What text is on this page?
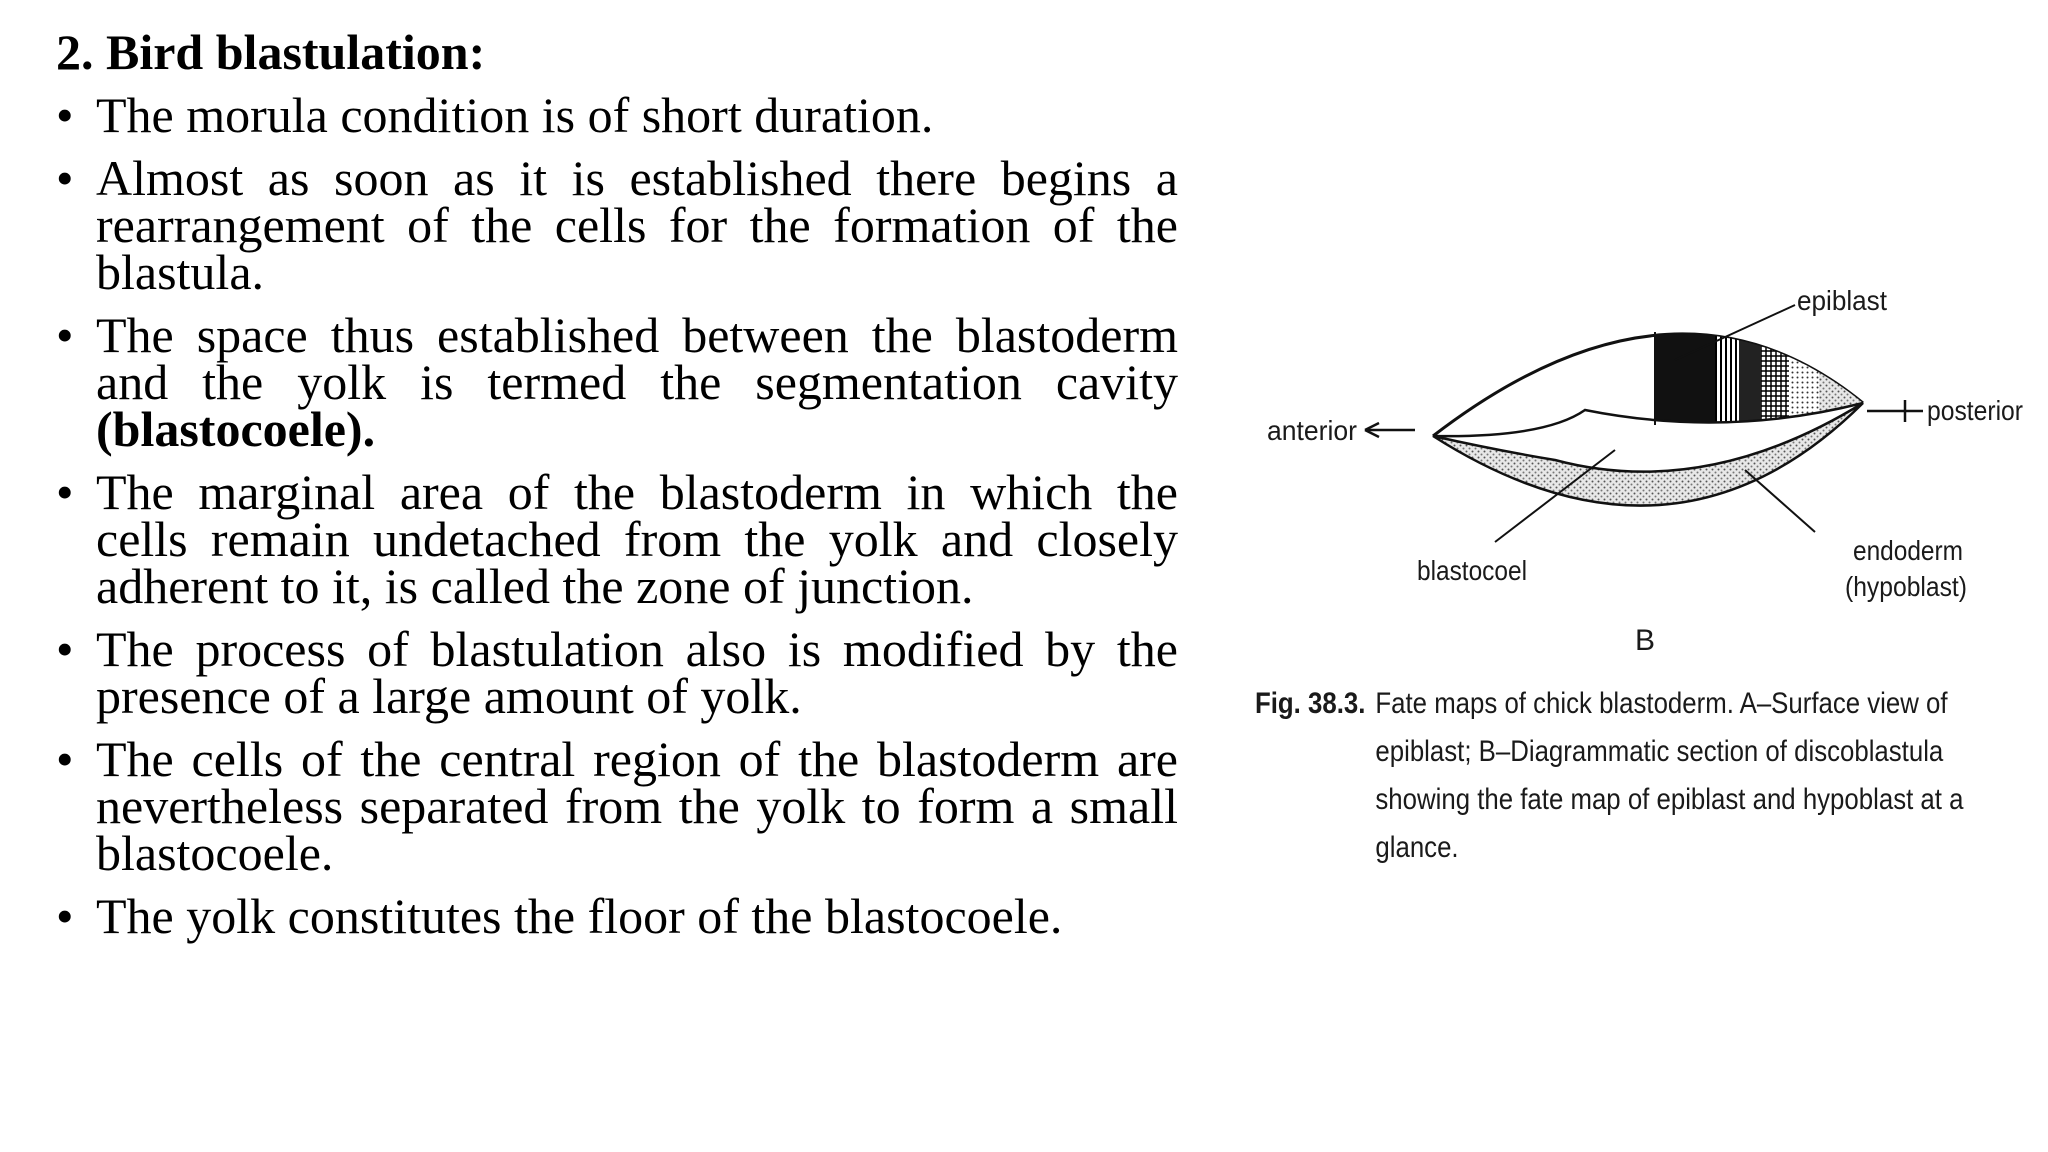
2. Bird blastulation:
• The morula condition is of short duration.
• Almost as soon as it is established there begins a rearrangement of the cells for the formation of the blastula.
• The space thus established between the blastoderm and the yolk is termed the segmentation cavity (blastocoele).
• The marginal area of the blastoderm in which the cells remain undetached from the yolk and closely adherent to it, is called the zone of junction.
• The process of blastulation also is modified by the presence of a large amount of yolk.
• The cells of the central region of the blastoderm are nevertheless separated from the yolk to form a small blastocoele.
• The yolk constitutes the floor of the blastocoele.
epiblast
anterior
posterior
blastocoel
endoderm
(hypoblast)
B
Fig. 38.3. Fate maps of chick blastoderm. A–Surface view of epiblast; B–Diagrammatic section of discoblastula showing the fate map of epiblast and hypoblast at a glance.
